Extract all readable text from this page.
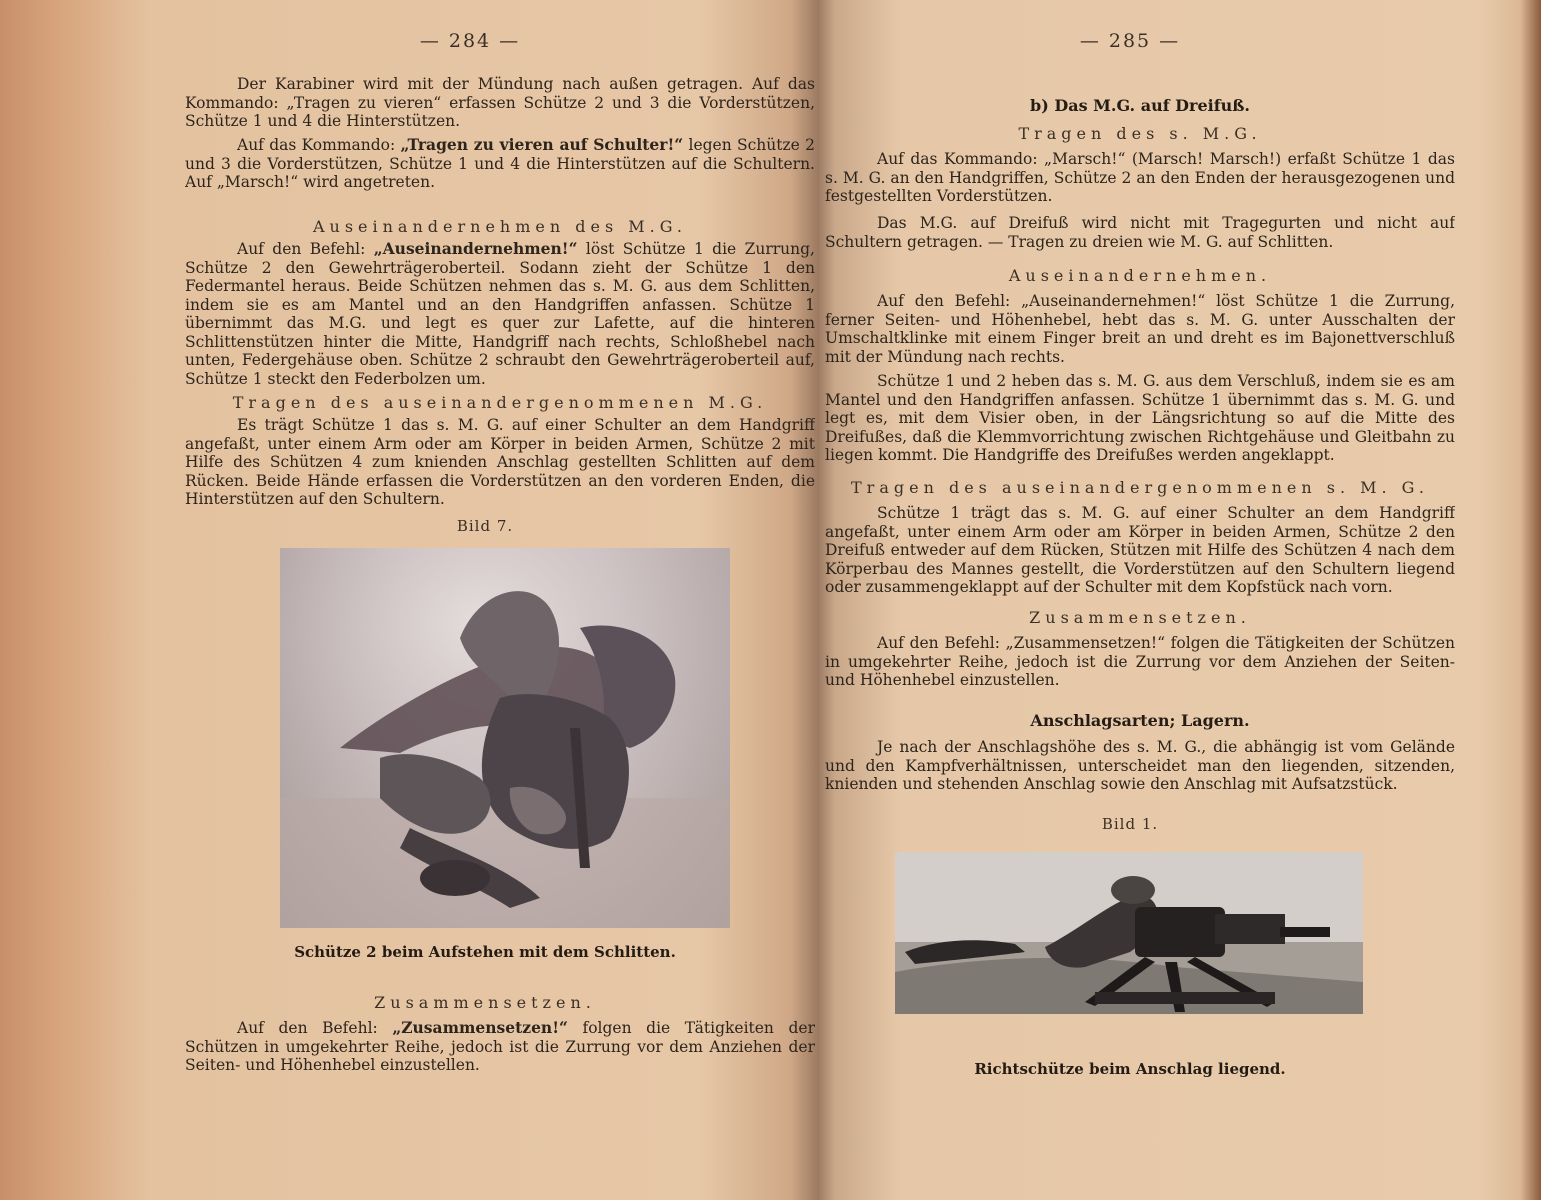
— 284 —

Der Karabiner wird mit der Mündung nach außen getragen. Auf das Kommando: „Tragen zu vieren“ erfassen Schütze 2 und 3 die Vorderstützen, Schütze 1 und 4 die Hinterstützen.

Auf das Kommando: „Tragen zu vieren auf Schulter!“ legen Schütze 2 und 3 die Vorderstützen, Schütze 1 und 4 die Hinterstützen auf die Schultern. Auf „Marsch!“ wird angetreten.

Auseinandernehmen des M.G.

Auf den Befehl: „Auseinandernehmen!“ löst Schütze 1 die Zurrung, Schütze 2 den Gewehrträgeroberteil. Sodann zieht der Schütze 1 den Federmantel heraus. Beide Schützen nehmen das s. M. G. aus dem Schlitten, indem sie es am Mantel und an den Handgriffen anfassen. Schütze 1 übernimmt das M.G. und legt es quer zur Lafette, auf die hinteren Schlittenstützen hinter die Mitte, Handgriff nach rechts, Schloßhebel nach unten, Federgehäuse oben. Schütze 2 schraubt den Gewehrträgeroberteil auf, Schütze 1 steckt den Federbolzen um.

Tragen des auseinandergenommenen M.G.

Es trägt Schütze 1 das s. M. G. auf einer Schulter an dem Handgriff angefaßt, unter einem Arm oder am Körper in beiden Armen, Schütze 2 mit Hilfe des Schützen 4 zum knienden Anschlag gestellten Schlitten auf dem Rücken. Beide Hände erfassen die Vorderstützen an den vorderen Enden, die Hinterstützen auf den Schultern.

Bild 7.
Schütze 2 beim Aufstehen mit dem Schlitten.
Zusammensetzen.

Auf den Befehl: „Zusammensetzen!“ folgen die Tätigkeiten der Schützen in umgekehrter Reihe, jedoch ist die Zurrung vor dem Anziehen der Seiten- und Höhenhebel einzustellen.

— 285 —
b) Das M.G. auf Dreifuß.
Tragen des s. M.G.

Auf das Kommando: „Marsch!“ (Marsch! Marsch!) erfaßt Schütze 1 das s. M. G. an den Handgriffen, Schütze 2 an den Enden der herausgezogenen und festgestellten Vorderstützen.

Das M.G. auf Dreifuß wird nicht mit Tragegurten und nicht auf Schultern getragen. — Tragen zu dreien wie M. G. auf Schlitten.

Auseinandernehmen.

Auf den Befehl: „Auseinandernehmen!“ löst Schütze 1 die Zurrung, ferner Seiten- und Höhenhebel, hebt das s. M. G. unter Ausschalten der Umschaltklinke mit einem Finger breit an und dreht es im Bajonettverschluß mit der Mündung nach rechts.

Schütze 1 und 2 heben das s. M. G. aus dem Verschluß, indem sie es am Mantel und den Handgriffen anfassen. Schütze 1 übernimmt das s. M. G. und legt es, mit dem Visier oben, in der Längsrichtung so auf die Mitte des Dreifußes, daß die Klemmvorrichtung zwischen Richtgehäuse und Gleitbahn zu liegen kommt. Die Handgriffe des Dreifußes werden angeklappt.

Tragen des auseinandergenommenen s. M. G.

Schütze 1 trägt das s. M. G. auf einer Schulter an dem Handgriff angefaßt, unter einem Arm oder am Körper in beiden Armen, Schütze 2 den Dreifuß entweder auf dem Rücken, Stützen mit Hilfe des Schützen 4 nach dem Körperbau des Mannes gestellt, die Vorderstützen auf den Schultern liegend oder zusammengeklappt auf der Schulter mit dem Kopfstück nach vorn.

Zusammensetzen.

Auf den Befehl: „Zusammensetzen!“ folgen die Tätigkeiten der Schützen in umgekehrter Reihe, jedoch ist die Zurrung vor dem Anziehen der Seiten- und Höhenhebel einzustellen.

Anschlagsarten; Lagern.

Je nach der Anschlagshöhe des s. M. G., die abhängig ist vom Gelände und den Kampfverhältnissen, unterscheidet man den liegenden, sitzenden, knienden und stehenden Anschlag sowie den Anschlag mit Aufsatzstück.

Bild 1.
Richtschütze beim Anschlag liegend.
